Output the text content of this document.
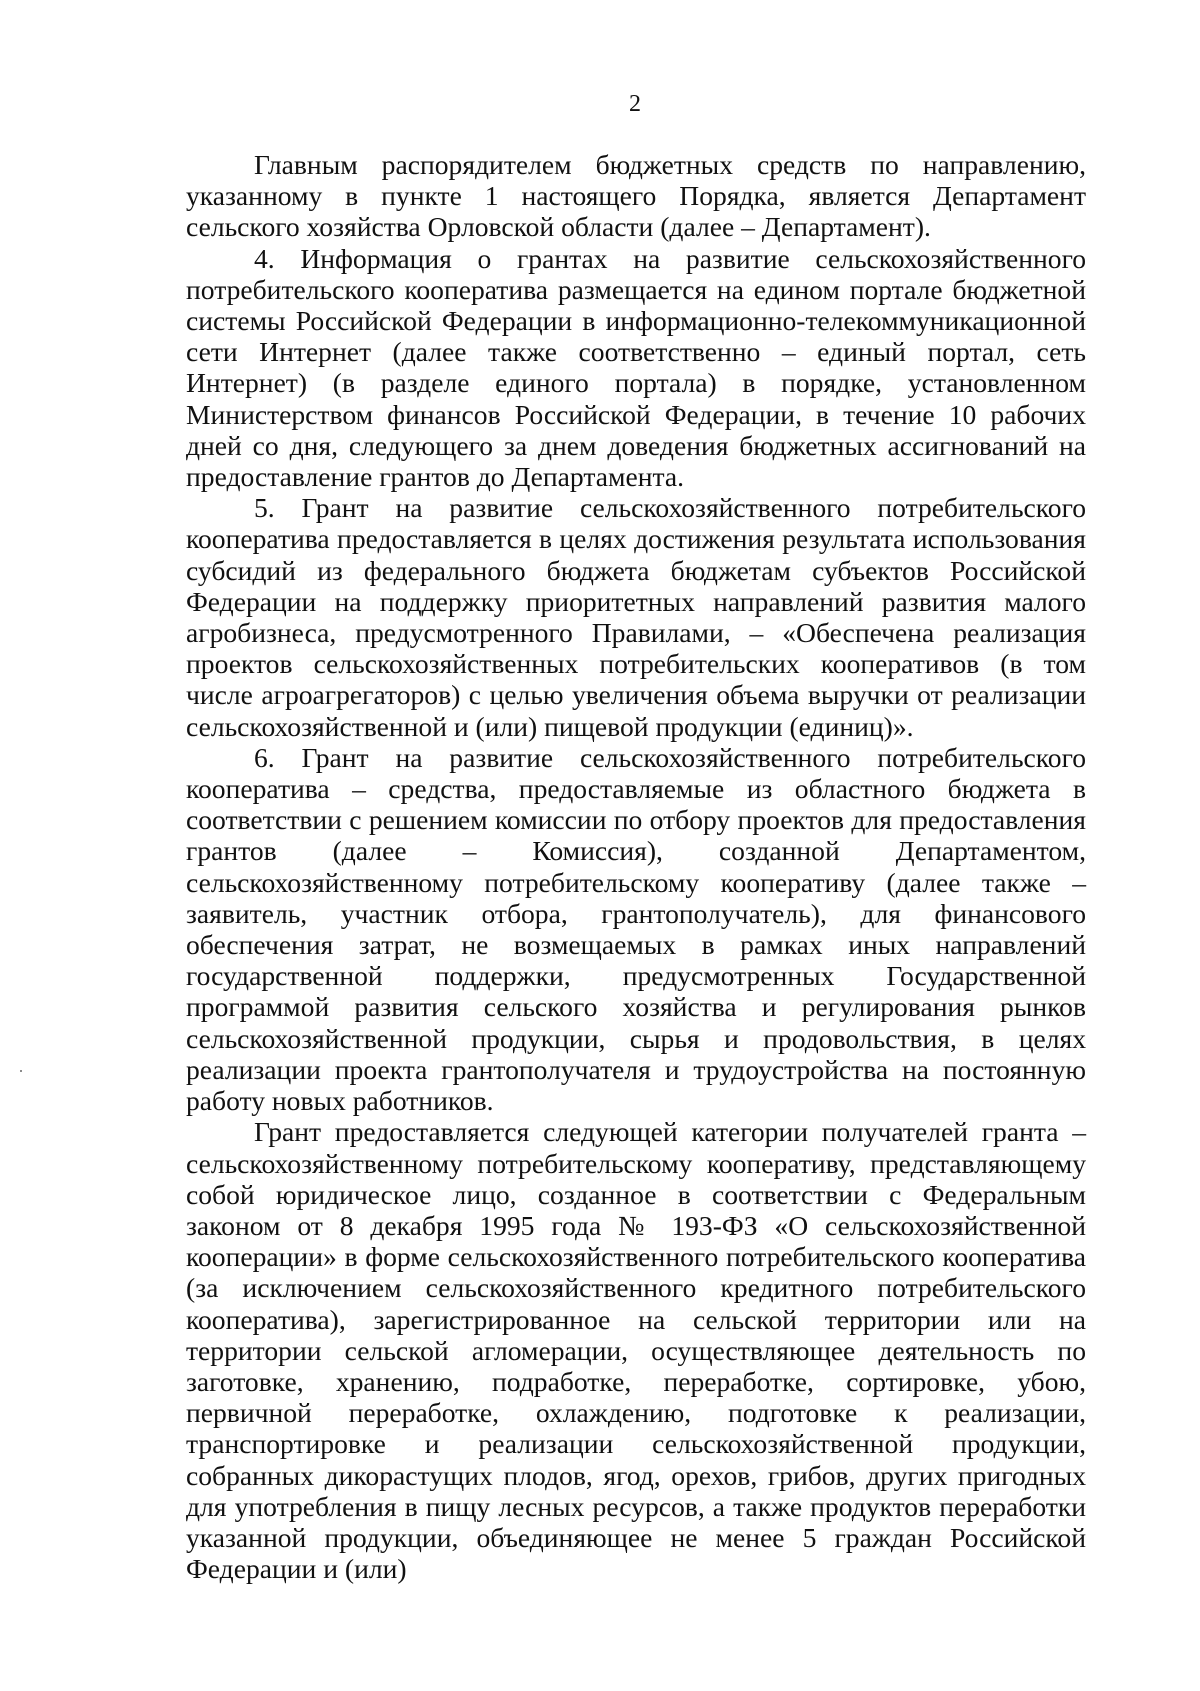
2

Главным распорядителем бюджетных средств по направлению, указанному в пункте 1 настоящего Порядка, является Департамент сельского хозяйства Орловской области (далее – Департамент).

4. Информация о грантах на развитие сельскохозяйственного потребительского кооператива размещается на едином портале бюджетной системы Российской Федерации в информационно-телекоммуникационной сети Интернет (далее также соответственно – единый портал, сеть Интернет) (в разделе единого портала) в порядке, установленном Министерством финансов Российской Федерации, в течение 10 рабочих дней со дня, следующего за днем доведения бюджетных ассигнований на предоставление грантов до Департамента.

5. Грант на развитие сельскохозяйственного потребительского кооператива предоставляется в целях достижения результата использования субсидий из федерального бюджета бюджетам субъектов Российской Федерации на поддержку приоритетных направлений развития малого агробизнеса, предусмотренного Правилами, – «Обеспечена реализация проектов сельскохозяйственных потребительских кооперативов (в том числе агроагрегаторов) с целью увеличения объема выручки от реализации сельскохозяйственной и (или) пищевой продукции (единиц)».

6. Грант на развитие сельскохозяйственного потребительского кооператива – средства, предоставляемые из областного бюджета в соответствии с решением комиссии по отбору проектов для предоставления грантов (далее – Комиссия), созданной Департаментом, сельскохозяйственному потребительскому кооперативу (далее также – заявитель, участник отбора, грантополучатель), для финансового обеспечения затрат, не возмещаемых в рамках иных направлений государственной поддержки, предусмотренных Государственной программой развития сельского хозяйства и регулирования рынков сельскохозяйственной продукции, сырья и продовольствия, в целях реализации проекта грантополучателя и трудоустройства на постоянную работу новых работников.

Грант предоставляется следующей категории получателей гранта – сельскохозяйственному потребительскому кооперативу, представляющему собой юридическое лицо, созданное в соответствии с Федеральным законом от 8 декабря 1995 года № 193-ФЗ «О сельскохозяйственной кооперации» в форме сельскохозяйственного потребительского кооператива (за исключением сельскохозяйственного кредитного потребительского кооператива), зарегистрированное на сельской территории или на территории сельской агломерации, осуществляющее деятельность по заготовке, хранению, подработке, переработке, сортировке, убою, первичной переработке, охлаждению, подготовке к реализации, транспортировке и реализации сельскохозяйственной продукции, собранных дикорастущих плодов, ягод, орехов, грибов, других пригодных для употребления в пищу лесных ресурсов, а также продуктов переработки указанной продукции, объединяющее не менее 5 граждан Российской Федерации и (или)
